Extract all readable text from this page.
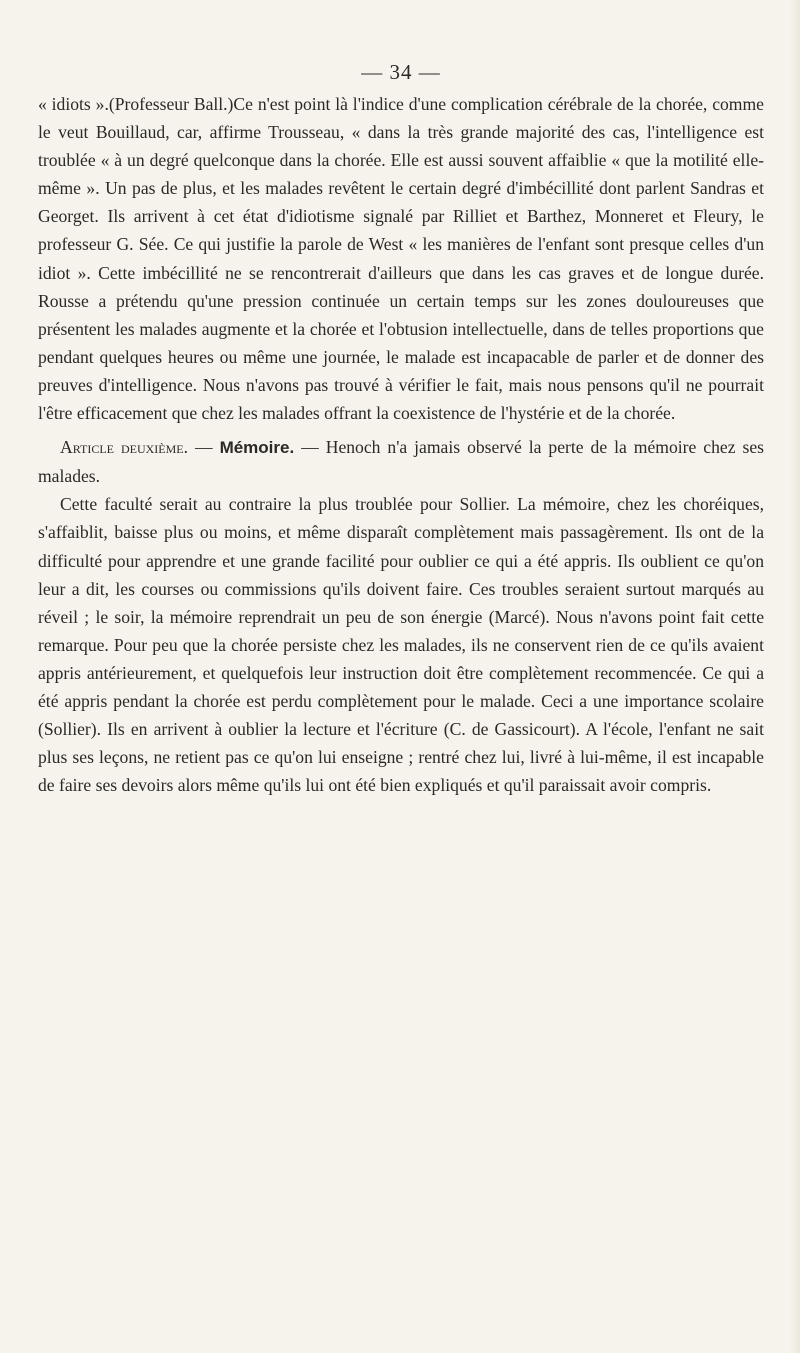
— 34 —

« idiots ».(Professeur Ball.)Ce n'est point là l'indice d'une complication cérébrale de la chorée, comme le veut Bouillaud, car, affirme Trousseau, « dans la très grande majorité des cas, l'intelligence est troublée « à un degré quelconque dans la chorée. Elle est aussi souvent affaiblie « que la motilité elle-même ». Un pas de plus, et les malades revêtent le certain degré d'imbécillité dont parlent Sandras et Georget. Ils arrivent à cet état d'idiotisme signalé par Rilliet et Barthez, Monneret et Fleury, le professeur G. Sée. Ce qui justifie la parole de West « les manières de l'enfant sont presque celles d'un idiot ». Cette imbécillité ne se rencontrerait d'ailleurs que dans les cas graves et de longue durée. Rousse a prétendu qu'une pression continuée un certain temps sur les zones douloureuses que présentent les malades augmente et la chorée et l'obtusion intellectuelle, dans de telles proportions que pendant quelques heures ou même une journée, le malade est incapacable de parler et de donner des preuves d'intelligence. Nous n'avons pas trouvé à vérifier le fait, mais nous pensons qu'il ne pourrait l'être efficacement que chez les malades offrant la coexistence de l'hystérie et de la chorée.

Article deuxième. — Mémoire. — Henoch n'a jamais observé la perte de la mémoire chez ses malades.

Cette faculté serait au contraire la plus troublée pour Sollier. La mémoire, chez les choréiques, s'affaiblit, baisse plus ou moins, et même disparaît complètement mais passagèrement. Ils ont de la difficulté pour apprendre et une grande facilité pour oublier ce qui a été appris. Ils oublient ce qu'on leur a dit, les courses ou commissions qu'ils doivent faire. Ces troubles seraient surtout marqués au réveil ; le soir, la mémoire reprendrait un peu de son énergie (Marcé). Nous n'avons point fait cette remarque. Pour peu que la chorée persiste chez les malades, ils ne conservent rien de ce qu'ils avaient appris antérieurement, et quelquefois leur instruction doit être complètement recommencée. Ce qui a été appris pendant la chorée est perdu complètement pour le malade. Ceci a une importance scolaire (Sollier). Ils en arrivent à oublier la lecture et l'écriture (C. de Gassicourt). A l'école, l'enfant ne sait plus ses leçons, ne retient pas ce qu'on lui enseigne ; rentré chez lui, livré à lui-même, il est incapable de faire ses devoirs alors même qu'ils lui ont été bien expliqués et qu'il paraissait avoir compris.
